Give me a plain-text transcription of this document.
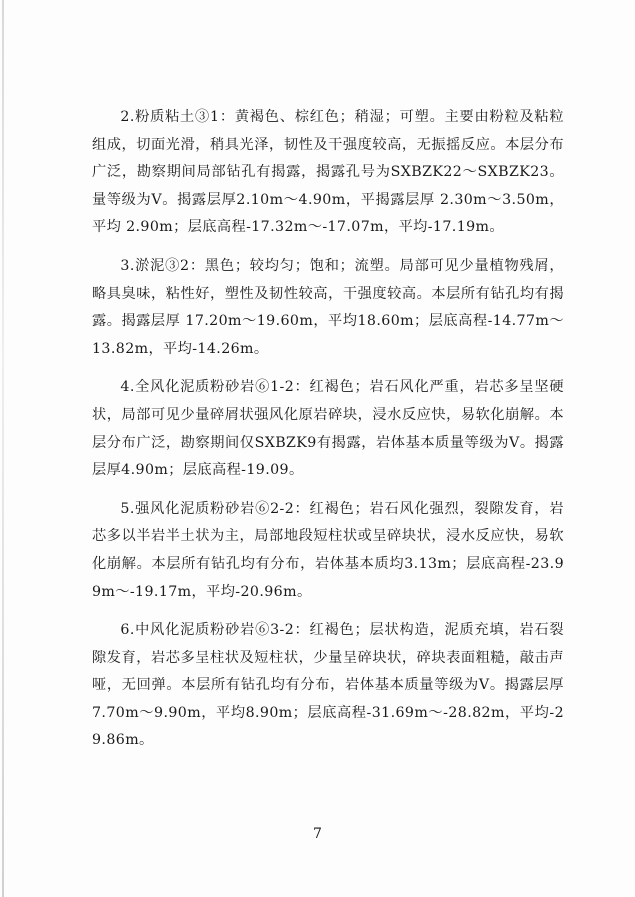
2.粉质粘土③1：黄褐色、棕红色；稍湿；可塑。主要由粉粒及粘粒组成，切面光滑，稍具光泽，韧性及干强度较高，无振摇反应。本层分布广泛，勘察期间局部钻孔有揭露，揭露孔号为SXBZK22～SXBZK23。量等级为V。揭露层厚2.10m～4.90m，平揭露层厚 2.30m～3.50m，平均 2.90m；层底高程-17.32m～-17.07m，平均-17.19m。

3.淤泥③2：黑色；较均匀；饱和；流塑。局部可见少量植物残屑，略具臭味，粘性好，塑性及韧性较高，干强度较高。本层所有钻孔均有揭露。揭露层厚 17.20m～19.60m，平均18.60m；层底高程-14.77m～13.82m，平均-14.26m。

4.全风化泥质粉砂岩⑥1-2：红褐色；岩石风化严重，岩芯多呈坚硬状，局部可见少量碎屑状强风化原岩碎块，浸水反应快，易软化崩解。本层分布广泛，勘察期间仅SXBZK9有揭露，岩体基本质量等级为V。揭露层厚4.90m；层底高程-19.09。

5.强风化泥质粉砂岩⑥2-2：红褐色；岩石风化强烈，裂隙发育，岩芯多以半岩半土状为主，局部地段短柱状或呈碎块状，浸水反应快，易软化崩解。本层所有钻孔均有分布，岩体基本质均3.13m；层底高程-23.99m～-19.17m，平均-20.96m。

6.中风化泥质粉砂岩⑥3-2：红褐色；层状构造，泥质充填，岩石裂隙发育，岩芯多呈柱状及短柱状，少量呈碎块状，碎块表面粗糙，敲击声哑，无回弹。本层所有钻孔均有分布，岩体基本质量等级为V。揭露层厚7.70m～9.90m，平均8.90m；层底高程-31.69m～-28.82m，平均-29.86m。

7
